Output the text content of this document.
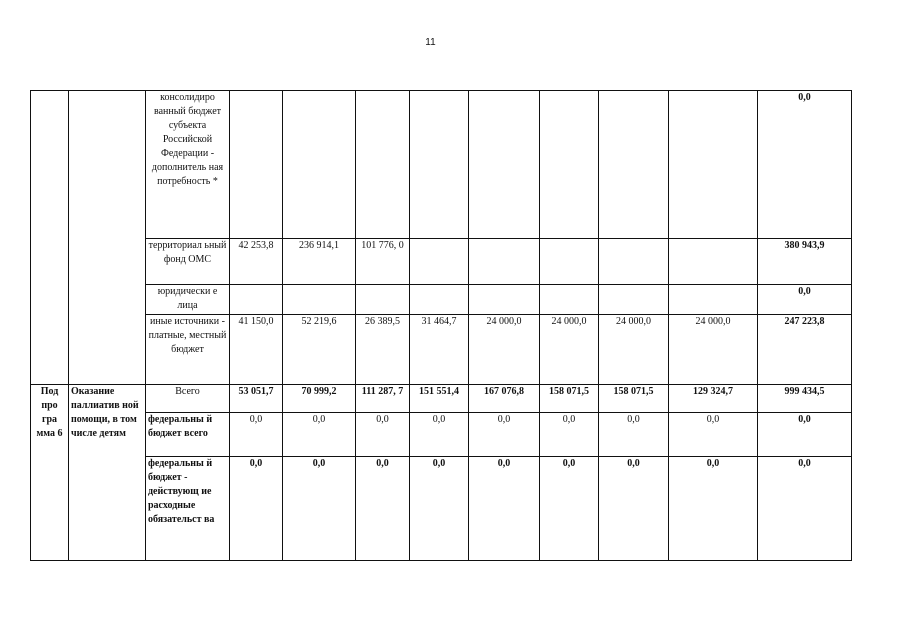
11
		консолидиро ванный бюджет субъекта Российской Федерации - дополнитель ная потребность *									0,0
		территориал ьный фонд ОМС	42 253,8	236 914,1	101 776, 0						380 943,9
		юридически е лица									0,0
		иные источники - платные, местный бюджет	41 150,0	52 219,6	26 389,5	31 464,7	24 000,0	24 000,0	24 000,0	24 000,0	247 223,8
Под про гра мма 6	Оказание паллиатив ной помощи, в том числе детям	Всего	53 051,7	70 999,2	111 287, 7	151 551,4	167 076,8	158 071,5	158 071,5	129 324,7	999 434,5
		федеральны й бюджет всего	0,0	0,0	0,0	0,0	0,0	0,0	0,0	0,0	0,0
		федеральны й бюджет - действующ ие расходные обязательст ва	0,0	0,0	0,0	0,0	0,0	0,0	0,0	0,0	0,0
